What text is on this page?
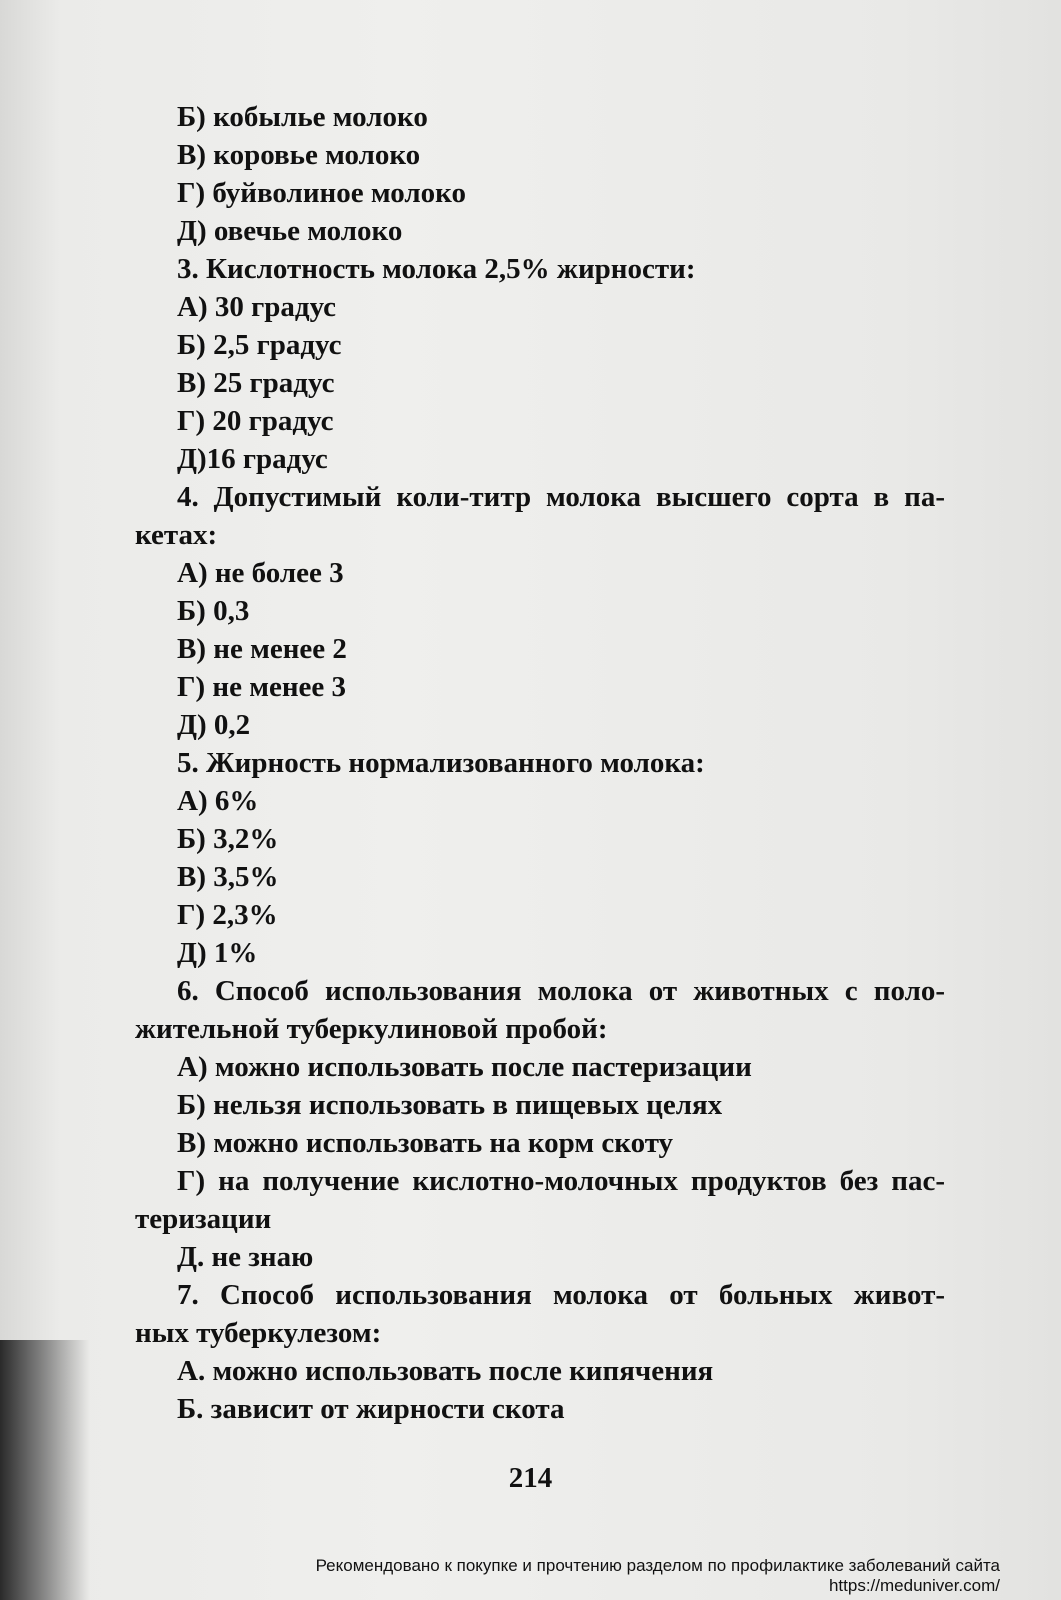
Б) кобылье молоко
В) коровье молоко
Г) буйволиное молоко
Д) овечье молоко
3. Кислотность молока 2,5% жирности:
А) 30 градус
Б) 2,5 градус
В) 25 градус
Г) 20 градус
Д)16 градус
4. Допустимый коли-титр молока высшего сорта в па-
кетах:
А) не более 3
Б) 0,3
В) не менее 2
Г) не менее 3
Д) 0,2
5. Жирность нормализованного молока:
А) 6%
Б) 3,2%
В) 3,5%
Г) 2,3%
Д) 1%
6. Способ использования молока от животных с поло-
жительной туберкулиновой пробой:
А) можно использовать после пастеризации
Б) нельзя использовать в пищевых целях
В) можно использовать на корм скоту
Г) на получение кислотно-молочных продуктов без пас-
теризации
Д. не знаю
7. Способ использования молока от больных живот-
ных туберкулезом:
А. можно использовать после кипячения
Б. зависит от жирности скота
214
Рекомендовано к покупке и прочтению разделом по профилактике заболеваний сайта https://meduniver.com/
